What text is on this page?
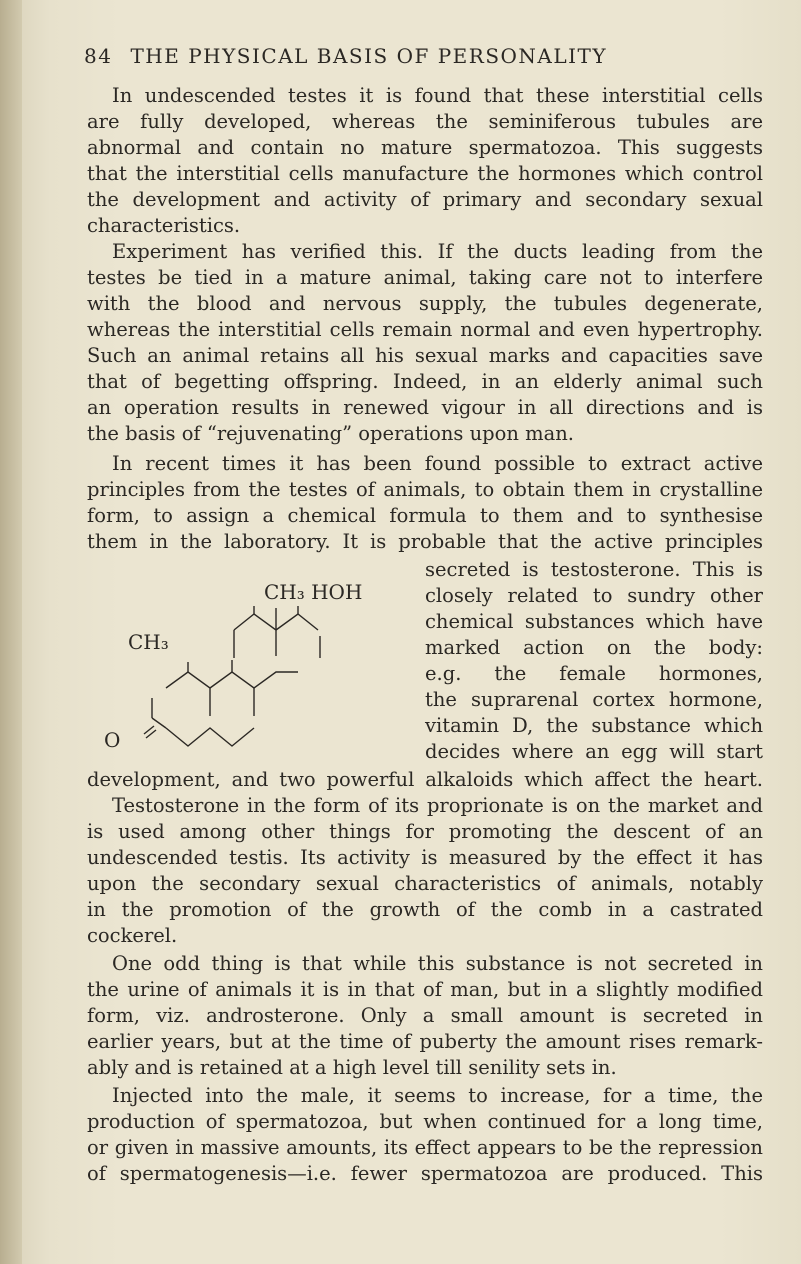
84 THE PHYSICAL BASIS OF PERSONALITY
In undescended testes it is found that these interstitial cells
are fully developed, whereas the seminiferous tubules are
abnormal and contain no mature spermatozoa. This suggests
that the interstitial cells manufacture the hormones which control
the development and activity of primary and secondary sexual
characteristics.
Experiment has verified this. If the ducts leading from the
testes be tied in a mature animal, taking care not to interfere
with the blood and nervous supply, the tubules degenerate,
whereas the interstitial cells remain normal and even hypertrophy.
Such an animal retains all his sexual marks and capacities save
that of begetting offspring. Indeed, in an elderly animal such
an operation results in renewed vigour in all directions and is
the basis of “rejuvenating” operations upon man.
In recent times it has been found possible to extract active
principles from the testes of animals, to obtain them in crystalline
form, to assign a chemical formula to them and to synthesise
them in the laboratory. It is probable that the active principles
secreted is testosterone. This is
closely related to sundry other
chemical substances which have
marked action on the body:
e.g. the female hormones,
the suprarenal cortex hormone,
vitamin D, the substance which
decides where an egg will start
CH₃ HOH
CH₃
O
development, and two powerful alkaloids which affect the heart.
Testosterone in the form of its proprionate is on the market and
is used among other things for promoting the descent of an
undescended testis. Its activity is measured by the effect it has
upon the secondary sexual characteristics of animals, notably
in the promotion of the growth of the comb in a castrated
cockerel.
One odd thing is that while this substance is not secreted in
the urine of animals it is in that of man, but in a slightly modified
form, viz. androsterone. Only a small amount is secreted in
earlier years, but at the time of puberty the amount rises remark-
ably and is retained at a high level till senility sets in.
Injected into the male, it seems to increase, for a time, the
production of spermatozoa, but when continued for a long time,
or given in massive amounts, its effect appears to be the repression
of spermatogenesis—i.e. fewer spermatozoa are produced. This
